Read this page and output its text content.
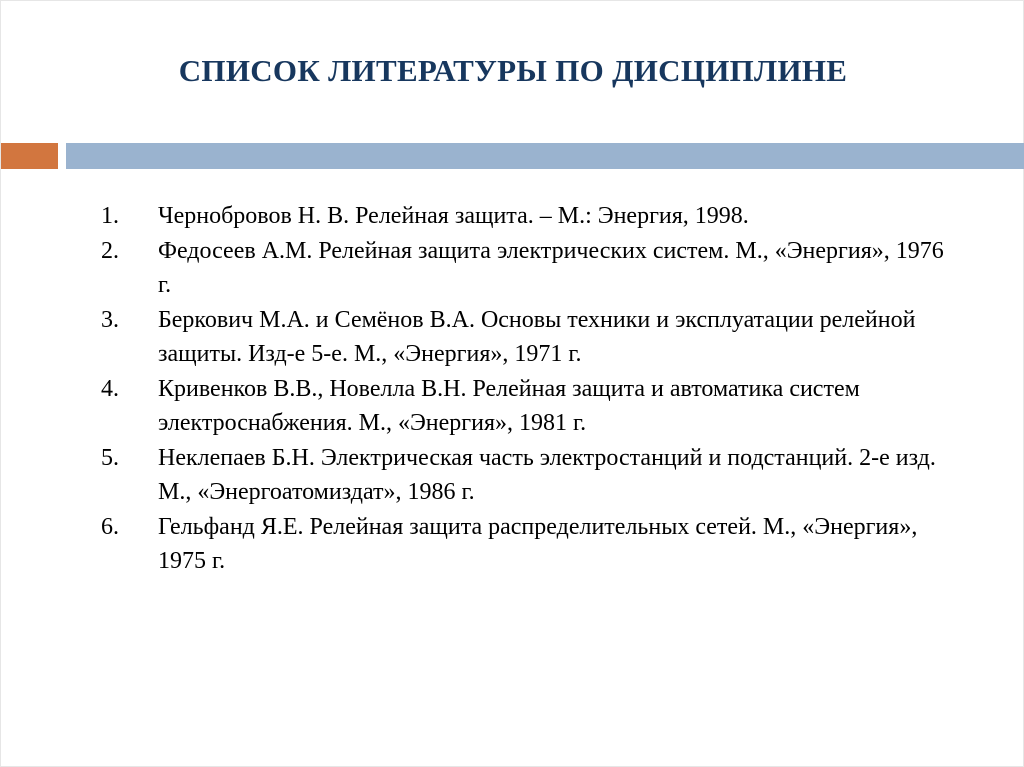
СПИСОК ЛИТЕРАТУРЫ ПО ДИСЦИПЛИНЕ
1. Чернобровов Н. В. Релейная защита. – М.: Энергия, 1998.
2. Федосеев А.М. Релейная защита электрических систем. М., «Энергия», 1976 г.
3. Беркович М.А. и Семёнов В.А. Основы техники и эксплуатации релейной защиты. Изд-е 5-е. М., «Энергия», 1971 г.
4. Кривенков В.В., Новелла В.Н. Релейная защита и автоматика систем электроснабжения. М., «Энергия», 1981 г.
5. Неклепаев Б.Н. Электрическая часть электростанций и подстанций. 2-е изд. М., «Энергоатомиздат», 1986 г.
6. Гельфанд Я.Е. Релейная защита распределительных сетей. М., «Энергия», 1975 г.
